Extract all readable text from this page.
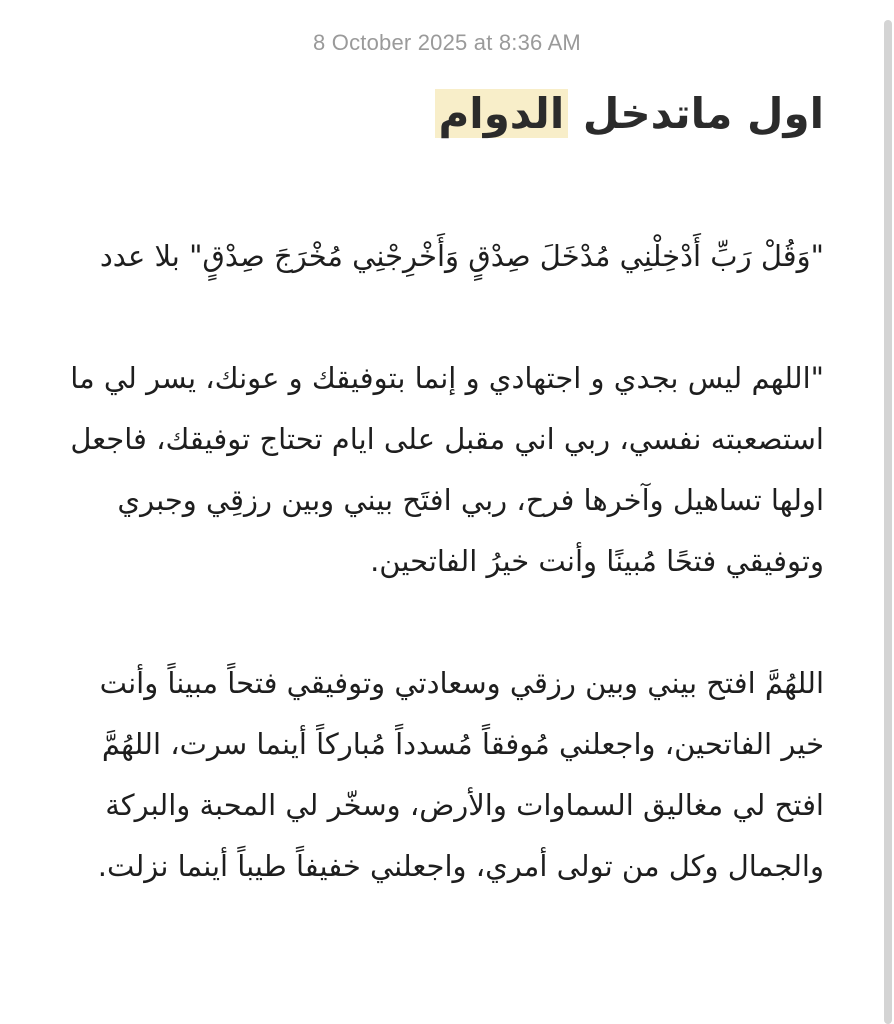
8 October 2025 at 8:36 AM
اول ماتدخل الدوام

"وَقُلْ رَبِّ أَدْخِلْنِي مُدْخَلَ صِدْقٍ وَأَخْرِجْنِي مُخْرَجَ صِدْقٍ" بلا عدد

"اللهم ليس بجدي و اجتهادي و إنما بتوفيقك و عونك، يسر لي ما استصعبته نفسي، ربي اني مقبل على ايام تحتاج توفيقك، فاجعل اولها تساهيل وآخرها فرح، ربي افتَح بيني وبين رزقِي وجبري وتوفيقي فتحًا مُبينًا وأنت خيرُ الفاتحين.

اللهُمَّ افتح بيني وبين رزقي وسعادتي وتوفيقي فتحاً مبيناً وأنت خير الفاتحين، واجعلني مُوفقاً مُسدداً مُباركاً أينما سرت، اللهُمَّ افتح لي مغاليق السماوات والأرض، وسخّر لي المحبة والبركة والجمال وكل من تولى أمري، واجعلني خفيفاً طيباً أينما نزلت.
